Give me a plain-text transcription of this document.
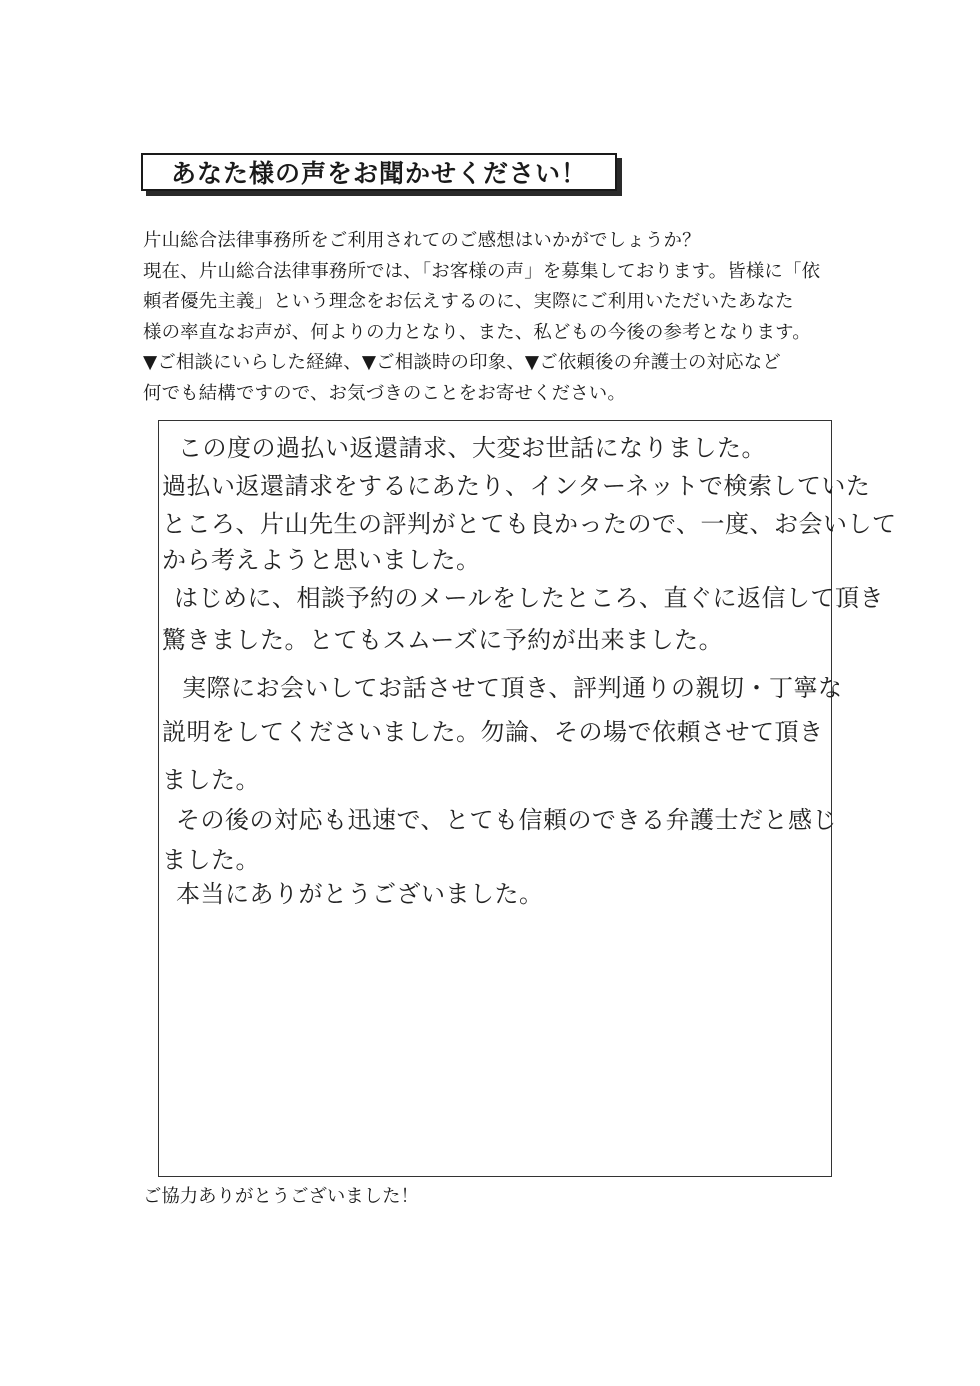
あなた様の声をお聞かせください！

片山総合法律事務所をご利用されてのご感想はいかがでしょうか？

現在、片山総合法律事務所では、「お客様の声」を募集しております。皆様に「依

頼者優先主義」という理念をお伝えするのに、実際にご利用いただいたあなた

様の率直なお声が、何よりの力となり、また、私どもの今後の参考となります。

▼ご相談にいらした経緯、▼ご相談時の印象、▼ご依頼後の弁護士の対応など

何でも結構ですので、お気づきのことをお寄せください。

この度の過払い返還請求、大変お世話になりました。
過払い返還請求をするにあたり、インターネットで検索していた
ところ、片山先生の評判がとても良かったので、一度、お会いして
から考えようと思いました。
はじめに、相談予約のメールをしたところ、直ぐに返信して頂き
驚きました。とてもスムーズに予約が出来ました。
実際にお会いしてお話させて頂き、評判通りの親切・丁寧な
説明をしてくださいました。勿論、その場で依頼させて頂き
ました。
その後の対応も迅速で、とても信頼のできる弁護士だと感じ
ました。
本当にありがとうございました。
ご協力ありがとうございました！
